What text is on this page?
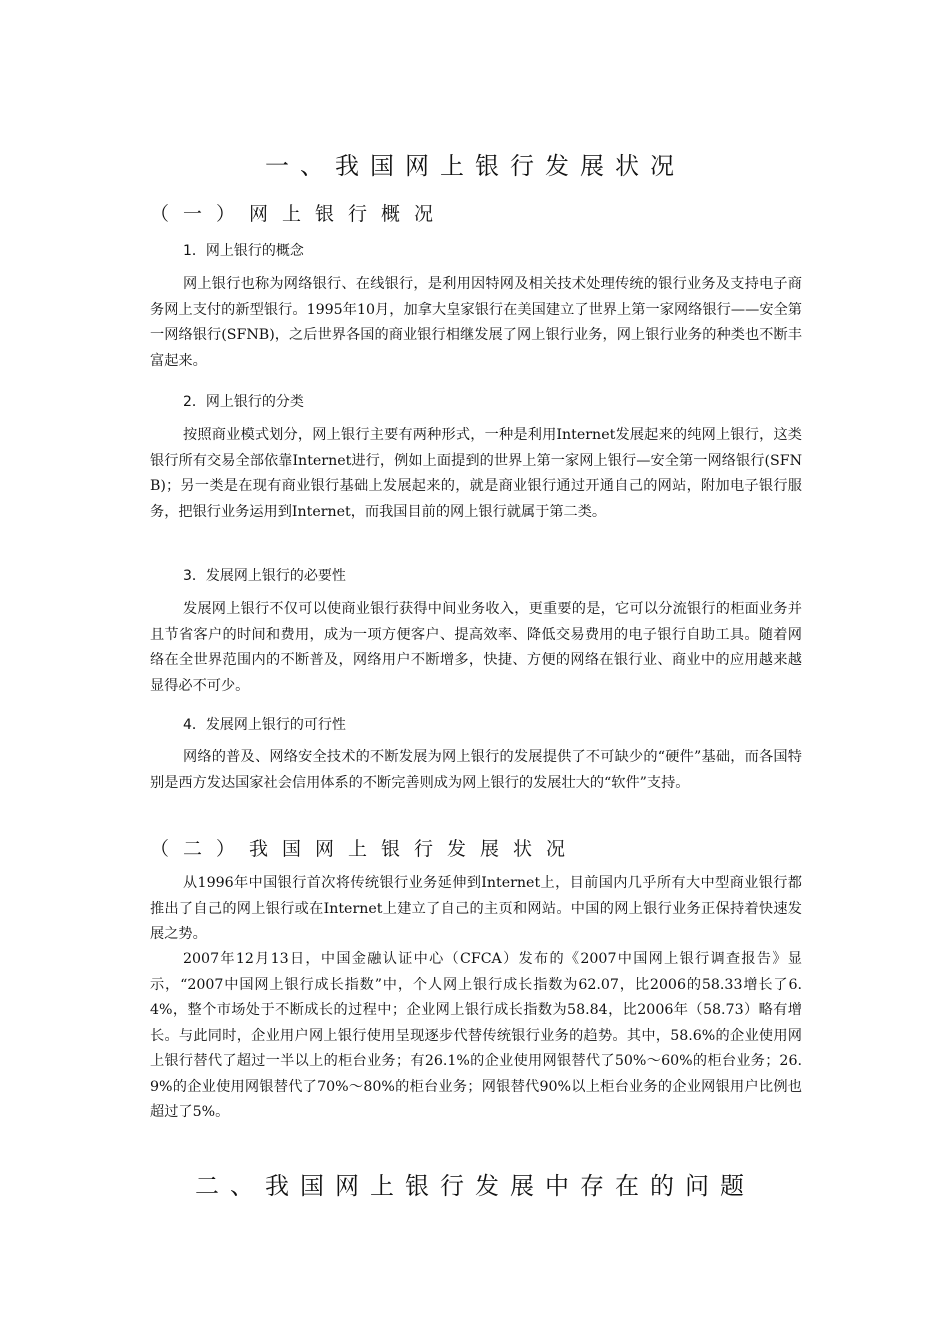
一、我国网上银行发展状况
（一）网上银行概况
1．网上银行的概念

网上银行也称为网络银行、在线银行，是利用因特网及相关技术处理传统的银行业务及支持电子商务网上支付的新型银行。1995年10月，加拿大皇家银行在美国建立了世界上第一家网络银行——安全第一网络银行(SFNB)，之后世界各国的商业银行相继发展了网上银行业务，网上银行业务的种类也不断丰富起来。

2．网上银行的分类

按照商业模式划分，网上银行主要有两种形式，一种是利用Internet发展起来的纯网上银行，这类银行所有交易全部依靠Internet进行，例如上面提到的世界上第一家网上银行—安全第一网络银行(SFNB)；另一类是在现有商业银行基础上发展起来的，就是商业银行通过开通自己的网站，附加电子银行服务，把银行业务运用到Internet，而我国目前的网上银行就属于第二类。

3．发展网上银行的必要性

发展网上银行不仅可以使商业银行获得中间业务收入，更重要的是，它可以分流银行的柜面业务并且节省客户的时间和费用，成为一项方便客户、提高效率、降低交易费用的电子银行自助工具。随着网络在全世界范围内的不断普及，网络用户不断增多，快捷、方便的网络在银行业、商业中的应用越来越显得必不可少。

4．发展网上银行的可行性

网络的普及、网络安全技术的不断发展为网上银行的发展提供了不可缺少的“硬件”基础，而各国特别是西方发达国家社会信用体系的不断完善则成为网上银行的发展壮大的“软件”支持。

（二）我国网上银行发展状况

从1996年中国银行首次将传统银行业务延伸到Internet上，目前国内几乎所有大中型商业银行都推出了自己的网上银行或在Internet上建立了自己的主页和网站。中国的网上银行业务正保持着快速发展之势。

2007年12月13日，中国金融认证中心（CFCA）发布的《2007中国网上银行调查报告》显示，“2007中国网上银行成长指数”中，个人网上银行成长指数为62.07，比2006的58.33增长了6.4%，整个市场处于不断成长的过程中；企业网上银行成长指数为58.84，比2006年（58.73）略有增长。与此同时，企业用户网上银行使用呈现逐步代替传统银行业务的趋势。其中，58.6%的企业使用网上银行替代了超过一半以上的柜台业务；有26.1%的企业使用网银替代了50%～60%的柜台业务；26.9%的企业使用网银替代了70%～80%的柜台业务；网银替代90%以上柜台业务的企业网银用户比例也超过了5%。

二、我国网上银行发展中存在的问题
